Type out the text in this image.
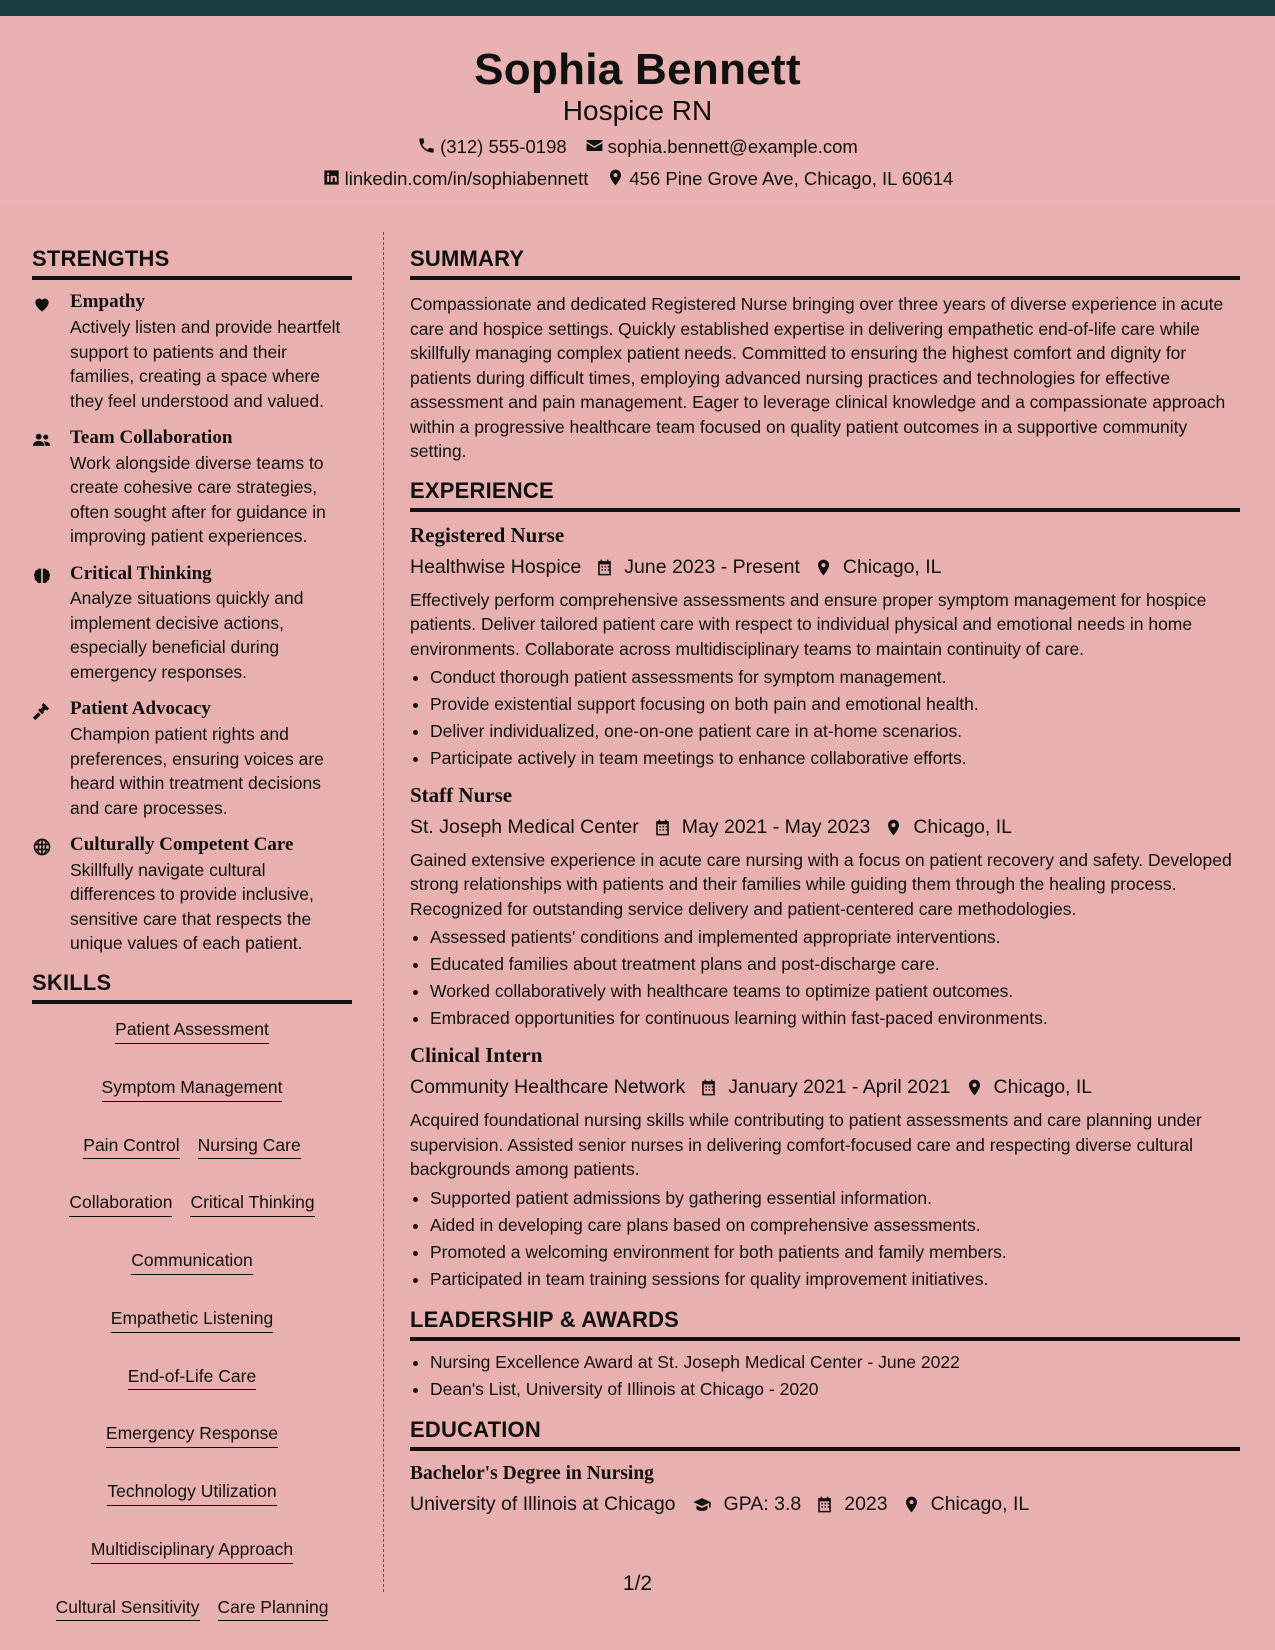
Sophia Bennett
Hospice RN
(312) 555-0198 sophia.bennett@example.com
linkedin.com/in/sophiabennett 456 Pine Grove Ave, Chicago, IL 60614
STRENGTHS
Empathy
Actively listen and provide heartfelt support to patients and their families, creating a space where they feel understood and valued.
Team Collaboration
Work alongside diverse teams to create cohesive care strategies, often sought after for guidance in improving patient experiences.
Critical Thinking
Analyze situations quickly and implement decisive actions, especially beneficial during emergency responses.
Patient Advocacy
Champion patient rights and preferences, ensuring voices are heard within treatment decisions and care processes.
Culturally Competent Care
Skillfully navigate cultural differences to provide inclusive, sensitive care that respects the unique values of each patient.
SKILLS
Patient Assessment
Symptom Management
Pain Control Nursing Care
Collaboration Critical Thinking
Communication
Empathetic Listening
End-of-Life Care
Emergency Response
Technology Utilization
Multidisciplinary Approach
Cultural Sensitivity Care Planning
SUMMARY
Compassionate and dedicated Registered Nurse bringing over three years of diverse experience in acute care and hospice settings. Quickly established expertise in delivering empathetic end-of-life care while skillfully managing complex patient needs. Committed to ensuring the highest comfort and dignity for patients during difficult times, employing advanced nursing practices and technologies for effective assessment and pain management. Eager to leverage clinical knowledge and a compassionate approach within a progressive healthcare team focused on quality patient outcomes in a supportive community setting.
EXPERIENCE
Registered Nurse
Healthwise Hospice June 2023 - Present Chicago, IL
Effectively perform comprehensive assessments and ensure proper symptom management for hospice patients. Deliver tailored patient care with respect to individual physical and emotional needs in home environments. Collaborate across multidisciplinary teams to maintain continuity of care.
• Conduct thorough patient assessments for symptom management.
• Provide existential support focusing on both pain and emotional health.
• Deliver individualized, one-on-one patient care in at-home scenarios.
• Participate actively in team meetings to enhance collaborative efforts.
Staff Nurse
St. Joseph Medical Center May 2021 - May 2023 Chicago, IL
Gained extensive experience in acute care nursing with a focus on patient recovery and safety. Developed strong relationships with patients and their families while guiding them through the healing process. Recognized for outstanding service delivery and patient-centered care methodologies.
• Assessed patients' conditions and implemented appropriate interventions.
• Educated families about treatment plans and post-discharge care.
• Worked collaboratively with healthcare teams to optimize patient outcomes.
• Embraced opportunities for continuous learning within fast-paced environments.
Clinical Intern
Community Healthcare Network January 2021 - April 2021 Chicago, IL
Acquired foundational nursing skills while contributing to patient assessments and care planning under supervision. Assisted senior nurses in delivering comfort-focused care and respecting diverse cultural backgrounds among patients.
• Supported patient admissions by gathering essential information.
• Aided in developing care plans based on comprehensive assessments.
• Promoted a welcoming environment for both patients and family members.
• Participated in team training sessions for quality improvement initiatives.
LEADERSHIP & AWARDS
• Nursing Excellence Award at St. Joseph Medical Center - June 2022
• Dean's List, University of Illinois at Chicago - 2020
EDUCATION
Bachelor's Degree in Nursing
University of Illinois at Chicago GPA: 3.8 2023 Chicago, IL
1/2
